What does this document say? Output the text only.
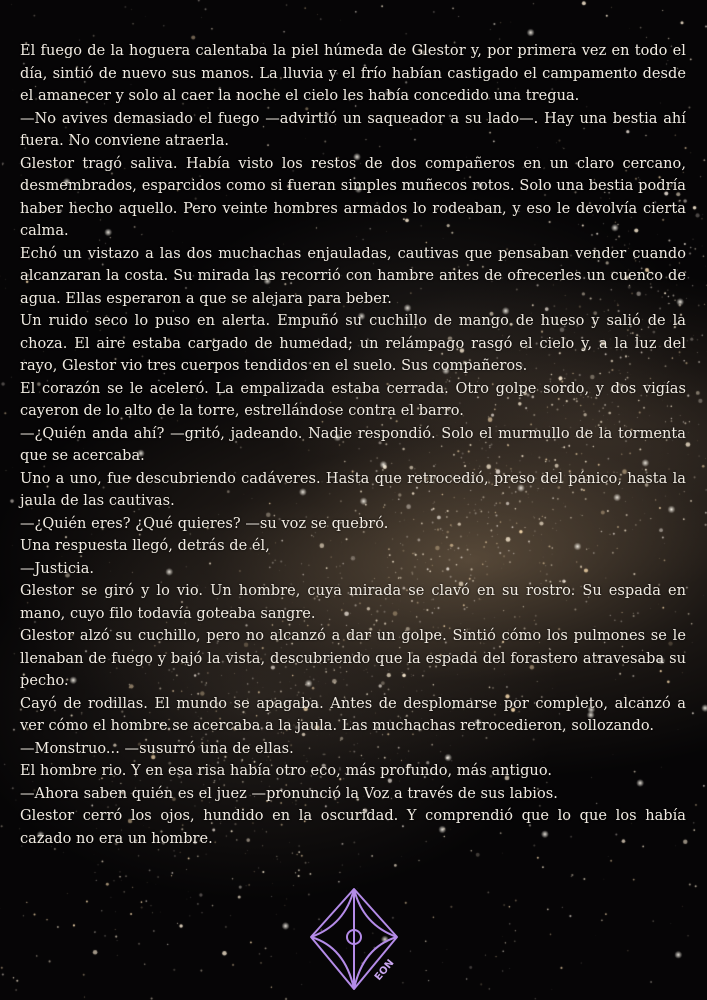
El fuego de la hoguera calentaba la piel húmeda de Glestor y, por primera vez en todo el día, sintió de nuevo sus manos. La lluvia y el frío habían castigado el campamento desde el amanecer y solo al caer la noche el cielo les había concedido una tregua.

—No avives demasiado el fuego —advirtió un saqueador a su lado—. Hay una bestia ahí fuera. No conviene atraerla.

Glestor tragó saliva. Había visto los restos de dos compañeros en un claro cercano, desmembrados, esparcidos como si fueran simples muñecos rotos. Solo una bestia podría haber hecho aquello. Pero veinte hombres armados lo rodeaban, y eso le devolvía cierta calma.

Echó un vistazo a las dos muchachas enjauladas, cautivas que pensaban vender cuando alcanzaran la costa. Su mirada las recorrió con hambre antes de ofrecerles un cuenco de agua. Ellas esperaron a que se alejara para beber.

Un ruido seco lo puso en alerta. Empuñó su cuchillo de mango de hueso y salió de la choza. El aire estaba cargado de humedad; un relámpago rasgó el cielo y, a la luz del rayo, Glestor vio tres cuerpos tendidos en el suelo. Sus compañeros.

El corazón se le aceleró. La empalizada estaba cerrada. Otro golpe sordo, y dos vigías cayeron de lo alto de la torre, estrellándose contra el barro.

—¿Quién anda ahí? —gritó, jadeando. Nadie respondió. Solo el murmullo de la tormenta que se acercaba.

Uno a uno, fue descubriendo cadáveres. Hasta que retrocedió, preso del pánico, hasta la jaula de las cautivas.

—¿Quién eres? ¿Qué quieres? —su voz se quebró.

Una respuesta llegó, detrás de él,

—Justicia.

Glestor se giró y lo vio. Un hombre, cuya mirada se clavó en su rostro. Su espada en mano, cuyo filo todavía goteaba sangre.

Glestor alzó su cuchillo, pero no alcanzó a dar un golpe. Sintió cómo los pulmones se le llenaban de fuego y bajó la vista, descubriendo que la espada del forastero atravesaba su pecho.

Cayó de rodillas. El mundo se apagaba. Antes de desplomarse por completo, alcanzó a ver cómo el hombre se acercaba a la jaula. Las muchachas retrocedieron, sollozando.

—Monstruo... —susurró una de ellas.

El hombre rio. Y en esa risa había otro eco, más profundo, más antiguo.

—Ahora saben quién es el juez —pronunció la Voz a través de sus labios.

Glestor cerró los ojos, hundido en la oscuridad. Y comprendió que lo que los había cazado no era un hombre.

EON
